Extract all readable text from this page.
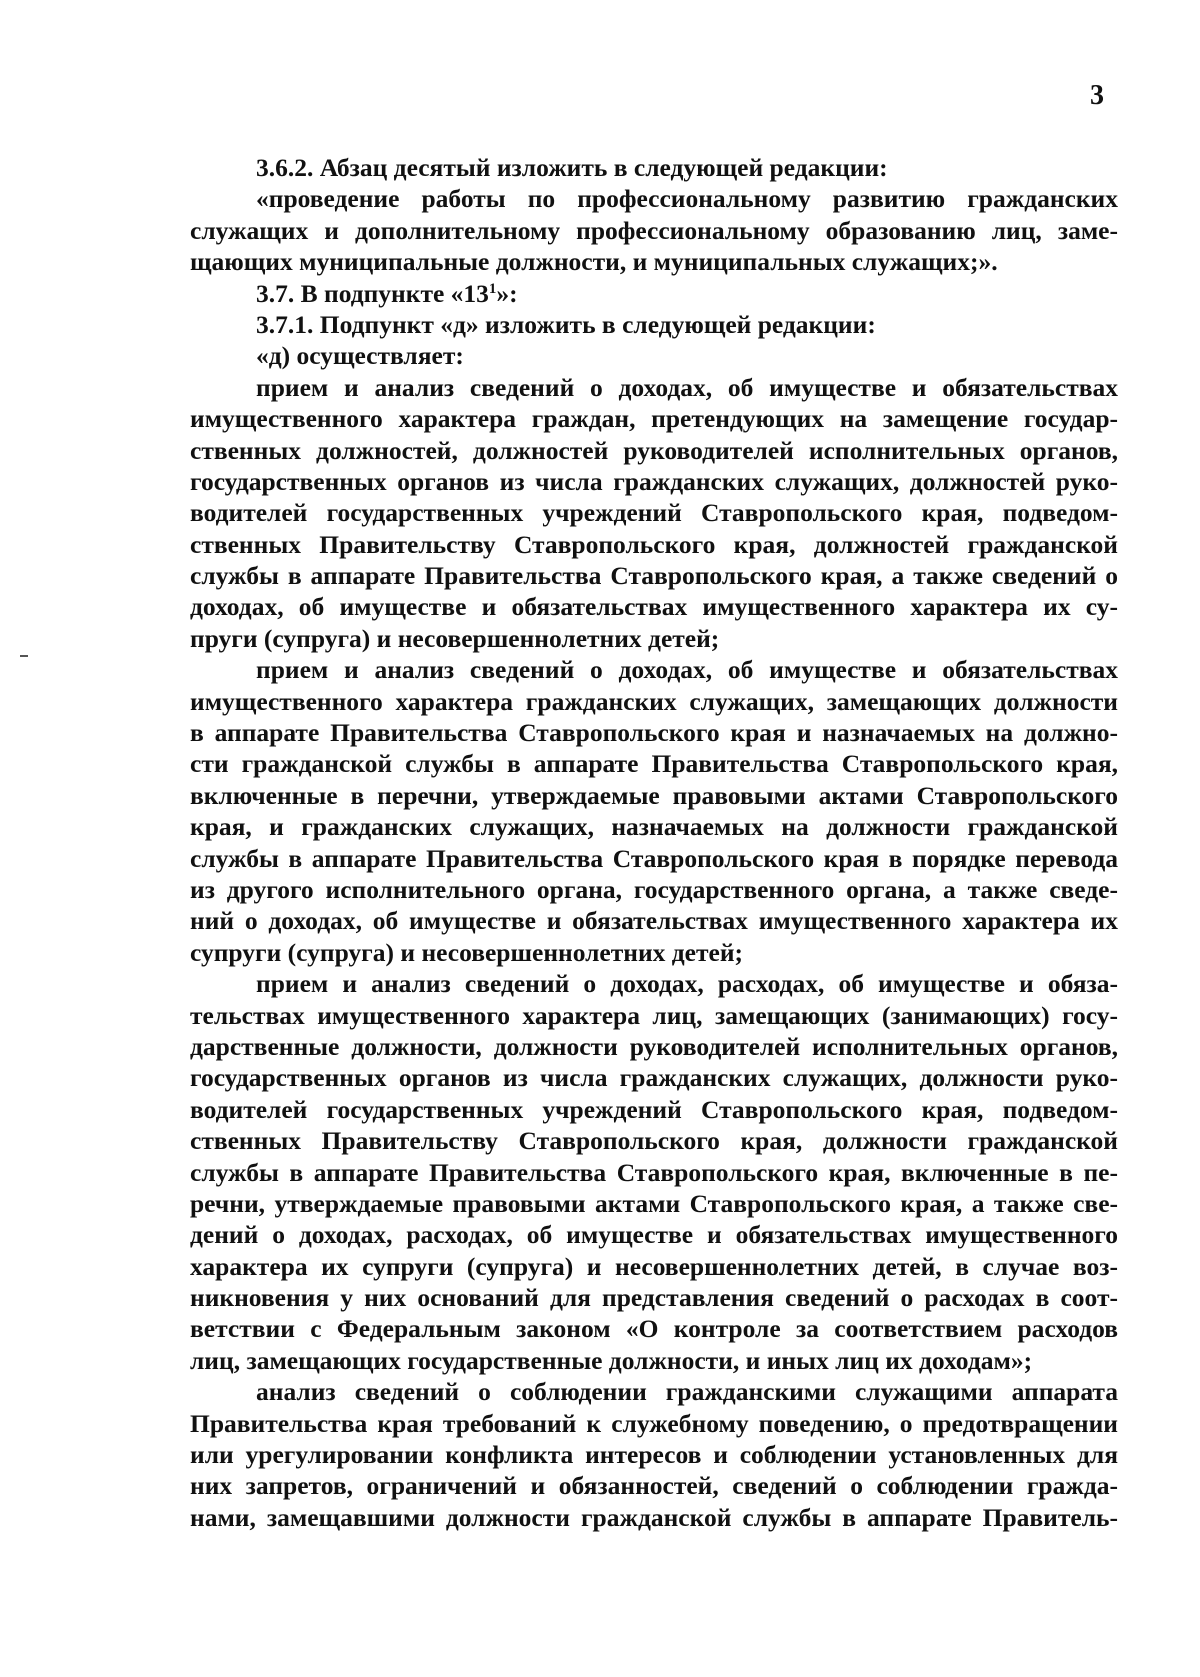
3
3.6.2. Абзац десятый изложить в следующей редакции:
«проведение работы по профессиональному развитию гражданских
служащих и дополнительному профессиональному образованию лиц, заме-
щающих муниципальные должности, и муниципальных служащих;».
3.7. В подпункте «$13^1$»:
3.7.1. Подпункт «д» изложить в следующей редакции:
«д) осуществляет:
прием и анализ сведений о доходах, об имуществе и обязательствах
имущественного характера граждан, претендующих на замещение государ-
ственных должностей, должностей руководителей исполнительных органов,
государственных органов из числа гражданских служащих, должностей руко-
водителей государственных учреждений Ставропольского края, подведом-
ственных Правительству Ставропольского края, должностей гражданской
службы в аппарате Правительства Ставропольского края, а также сведений о
доходах, об имуществе и обязательствах имущественного характера их су-
пруги (супруга) и несовершеннолетних детей;
прием и анализ сведений о доходах, об имуществе и обязательствах
имущественного характера гражданских служащих, замещающих должности
в аппарате Правительства Ставропольского края и назначаемых на должно-
сти гражданской службы в аппарате Правительства Ставропольского края,
включенные в перечни, утверждаемые правовыми актами Ставропольского
края, и гражданских служащих, назначаемых на должности гражданской
службы в аппарате Правительства Ставропольского края в порядке перевода
из другого исполнительного органа, государственного органа, а также сведе-
ний о доходах, об имуществе и обязательствах имущественного характера их
супруги (супруга) и несовершеннолетних детей;
прием и анализ сведений о доходах, расходах, об имуществе и обяза-
тельствах имущественного характера лиц, замещающих (занимающих) госу-
дарственные должности, должности руководителей исполнительных органов,
государственных органов из числа гражданских служащих, должности руко-
водителей государственных учреждений Ставропольского края, подведом-
ственных Правительству Ставропольского края, должности гражданской
службы в аппарате Правительства Ставропольского края, включенные в пе-
речни, утверждаемые правовыми актами Ставропольского края, а также све-
дений о доходах, расходах, об имуществе и обязательствах имущественного
характера их супруги (супруга) и несовершеннолетних детей, в случае воз-
никновения у них оснований для представления сведений о расходах в соот-
ветствии с Федеральным законом «О контроле за соответствием расходов
лиц, замещающих государственные должности, и иных лиц их доходам»;
анализ сведений о соблюдении гражданскими служащими аппарата
Правительства края требований к служебному поведению, о предотвращении
или урегулировании конфликта интересов и соблюдении установленных для
них запретов, ограничений и обязанностей, сведений о соблюдении гражда-
нами, замещавшими должности гражданской службы в аппарате Правитель-
